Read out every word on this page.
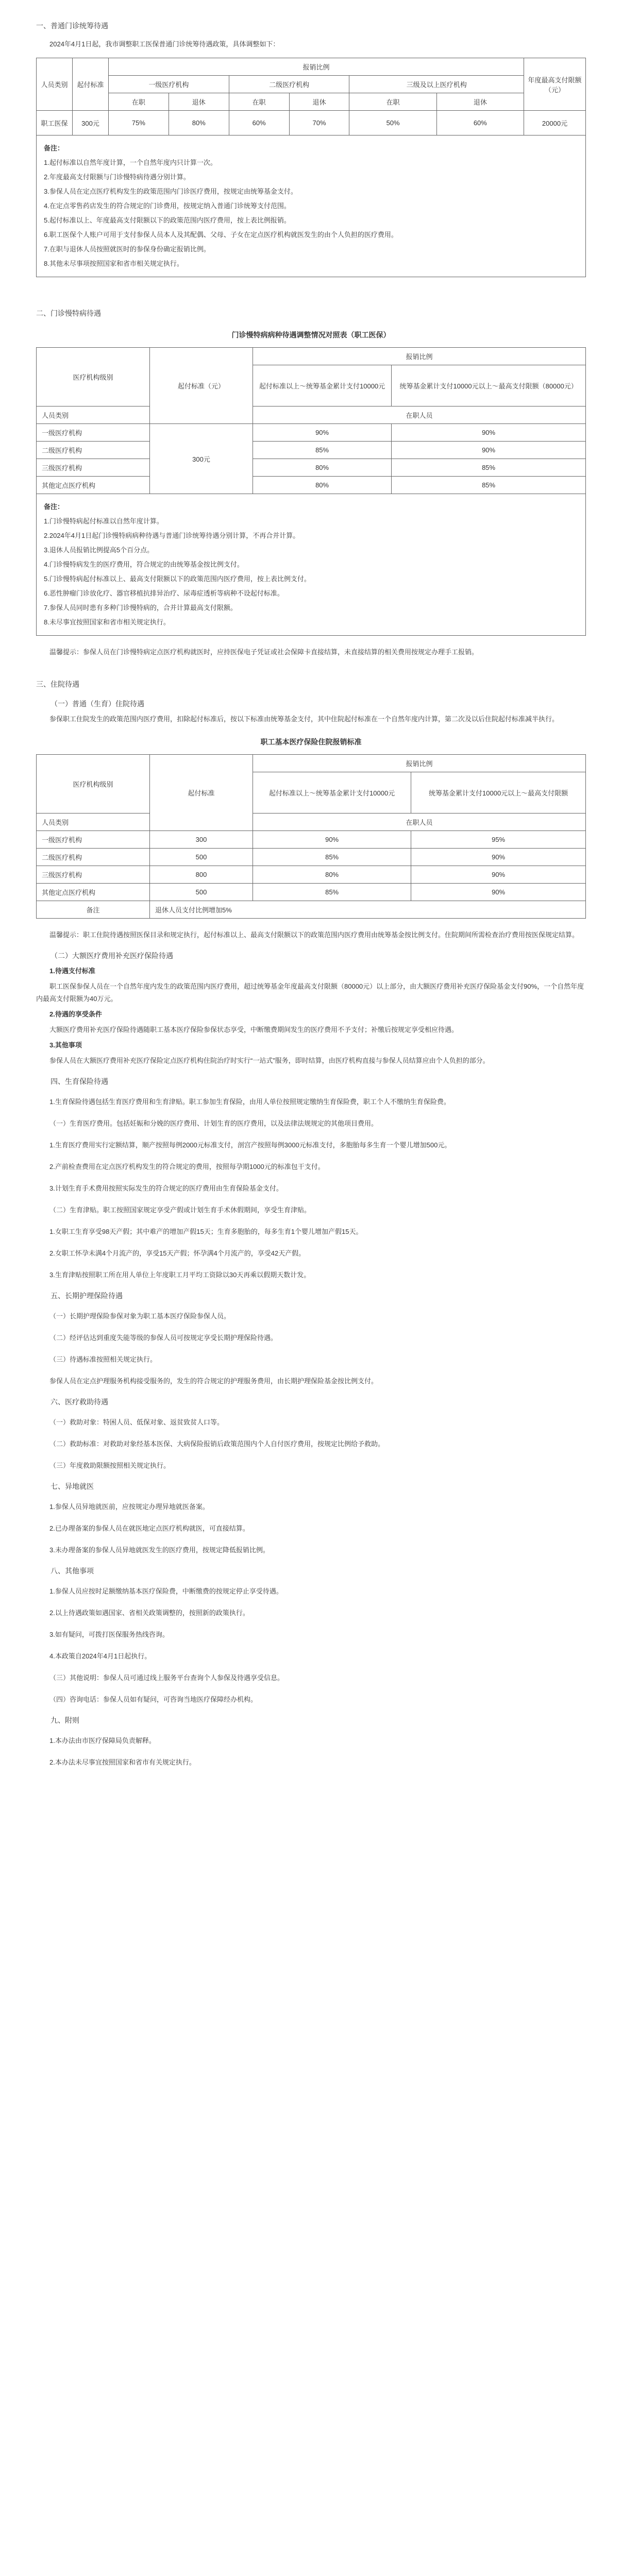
一、普通门诊统筹待遇
2024年4月1日起，我市调整职工医保普通门诊统筹待遇政策，具体调整如下：
人员类别	起付标准	报销比例						年度最高支付限额（元）
		一级医疗机构		二级医疗机构		三级及以上医疗机构		
		在职	退休	在职	退休	在职	退休	
职工医保	300元	75%	80%	60%	70%	50%	60%	20000元
备注：
1.起付标准以自然年度计算，一个自然年度内只计算一次。
2.年度最高支付限额与门诊慢特病待遇分别计算。
3.参保人员在定点医疗机构发生的政策范围内门诊医疗费用，按规定由统筹基金支付。
4.在定点零售药店发生的符合规定的门诊费用，按规定纳入普通门诊统筹支付范围。
5.起付标准以上、年度最高支付限额以下的政策范围内医疗费用，按上表比例报销。
6.职工医保个人账户可用于支付参保人员本人及其配偶、父母、子女在定点医疗机构就医发生的由个人负担的医疗费用。
7.在职与退休人员按照就医时的参保身份确定报销比例。
8.其他未尽事项按照国家和省市相关规定执行。
二、门诊慢特病待遇
门诊慢特病病种待遇调整情况对照表（职工医保）
医疗机构级别	起付标准（元）	报销比例	
		起付标准以上～统筹基金累计支付10000元	统筹基金累计支付10000元以上～最高支付限额（80000元）
人员类别		在职人员	
一级医疗机构	300元	90%	90%
二级医疗机构		85%	90%
三级医疗机构		80%	85%
其他定点医疗机构		80%	85%
备注：
1.门诊慢特病起付标准以自然年度计算。
2.2024年4月1日起门诊慢特病病种待遇与普通门诊统筹待遇分别计算，不再合并计算。
3.退休人员报销比例提高5个百分点。
4.门诊慢特病发生的医疗费用，符合规定的由统筹基金按比例支付。
5.门诊慢特病起付标准以上、最高支付限额以下的政策范围内医疗费用，按上表比例支付。
6.恶性肿瘤门诊放化疗、器官移植抗排异治疗、尿毒症透析等病种不设起付标准。
7.参保人员同时患有多种门诊慢特病的，合并计算最高支付限额。
8.未尽事宜按照国家和省市相关规定执行。
温馨提示：参保人员在门诊慢特病定点医疗机构就医时，应持医保电子凭证或社会保障卡直接结算，未直接结算的相关费用按规定办理手工报销。
三、住院待遇
（一）普通（生育）住院待遇
参保职工住院发生的政策范围内医疗费用，扣除起付标准后，按以下标准由统筹基金支付，其中住院起付标准在一个自然年度内计算，第二次及以后住院起付标准减半执行。
职工基本医疗保险住院报销标准
医疗机构级别	起付标准	报销比例	
		起付标准以上～统筹基金累计支付10000元	统筹基金累计支付10000元以上～最高支付限额
人员类别		在职人员	
一级医疗机构	300	90%	95%
二级医疗机构	500	85%	90%
三级医疗机构	800	80%	90%
其他定点医疗机构	500	85%	90%
备注	退休人员支付比例增加5%		
温馨提示：职工住院待遇按照医保目录和规定执行，起付标准以上、最高支付限额以下的政策范围内医疗费用由统筹基金按比例支付。住院期间所需检查治疗费用按医保规定结算。
（二）大额医疗费用补充医疗保险待遇
1.待遇支付标准
职工医保参保人员在一个自然年度内发生的政策范围内医疗费用，超过统筹基金年度最高支付限额（80000元）以上部分，由大额医疗费用补充医疗保险基金支付90%，一个自然年度内最高支付限额为40万元。
2.待遇的享受条件
大额医疗费用补充医疗保险待遇随职工基本医疗保险参保状态享受，中断缴费期间发生的医疗费用不予支付；补缴后按规定享受相应待遇。
3.其他事项
参保人员在大额医疗费用补充医疗保险定点医疗机构住院治疗时实行“一站式”服务，即时结算，由医疗机构直接与参保人员结算应由个人负担的部分。
四、生育保险待遇
1.生育保险待遇包括生育医疗费用和生育津贴。职工参加生育保险，由用人单位按照规定缴纳生育保险费，职工个人不缴纳生育保险费。
（一）生育医疗费用。包括妊娠和分娩的医疗费用、计划生育的医疗费用，以及法律法规规定的其他项目费用。
1.生育医疗费用实行定额结算，顺产按照每例2000元标准支付，剖宫产按照每例3000元标准支付，多胞胎每多生育一个婴儿增加500元。
2.产前检查费用在定点医疗机构发生的符合规定的费用，按照每孕期1000元的标准包干支付。
3.计划生育手术费用按照实际发生的符合规定的医疗费用由生育保险基金支付。
（二）生育津贴。职工按照国家规定享受产假或计划生育手术休假期间，享受生育津贴。
1.女职工生育享受98天产假；其中难产的增加产假15天；生育多胞胎的，每多生育1个婴儿增加产假15天。
2.女职工怀孕未满4个月流产的，享受15天产假；怀孕满4个月流产的，享受42天产假。
3.生育津贴按照职工所在用人单位上年度职工月平均工资除以30天再乘以假期天数计发。
五、长期护理保险待遇
（一）长期护理保险参保对象为职工基本医疗保险参保人员。
（二）经评估达到重度失能等级的参保人员可按规定享受长期护理保险待遇。
（三）待遇标准按照相关规定执行。
参保人员在定点护理服务机构接受服务的，发生的符合规定的护理服务费用，由长期护理保险基金按比例支付。
六、医疗救助待遇
（一）救助对象：特困人员、低保对象、返贫致贫人口等。
（二）救助标准：对救助对象经基本医保、大病保险报销后政策范围内个人自付医疗费用，按规定比例给予救助。
（三）年度救助限额按照相关规定执行。
七、异地就医
1.参保人员异地就医前，应按规定办理异地就医备案。
2.已办理备案的参保人员在就医地定点医疗机构就医，可直接结算。
3.未办理备案的参保人员异地就医发生的医疗费用，按规定降低报销比例。
八、其他事项
1.参保人员应按时足额缴纳基本医疗保险费，中断缴费的按规定停止享受待遇。
2.以上待遇政策如遇国家、省相关政策调整的，按照新的政策执行。
3.如有疑问，可拨打医保服务热线咨询。
4.本政策自2024年4月1日起执行。
（三）其他说明：参保人员可通过线上服务平台查询个人参保及待遇享受信息。
（四）咨询电话：参保人员如有疑问，可咨询当地医疗保障经办机构。
九、附则
1.本办法由市医疗保障局负责解释。
2.本办法未尽事宜按照国家和省市有关规定执行。
